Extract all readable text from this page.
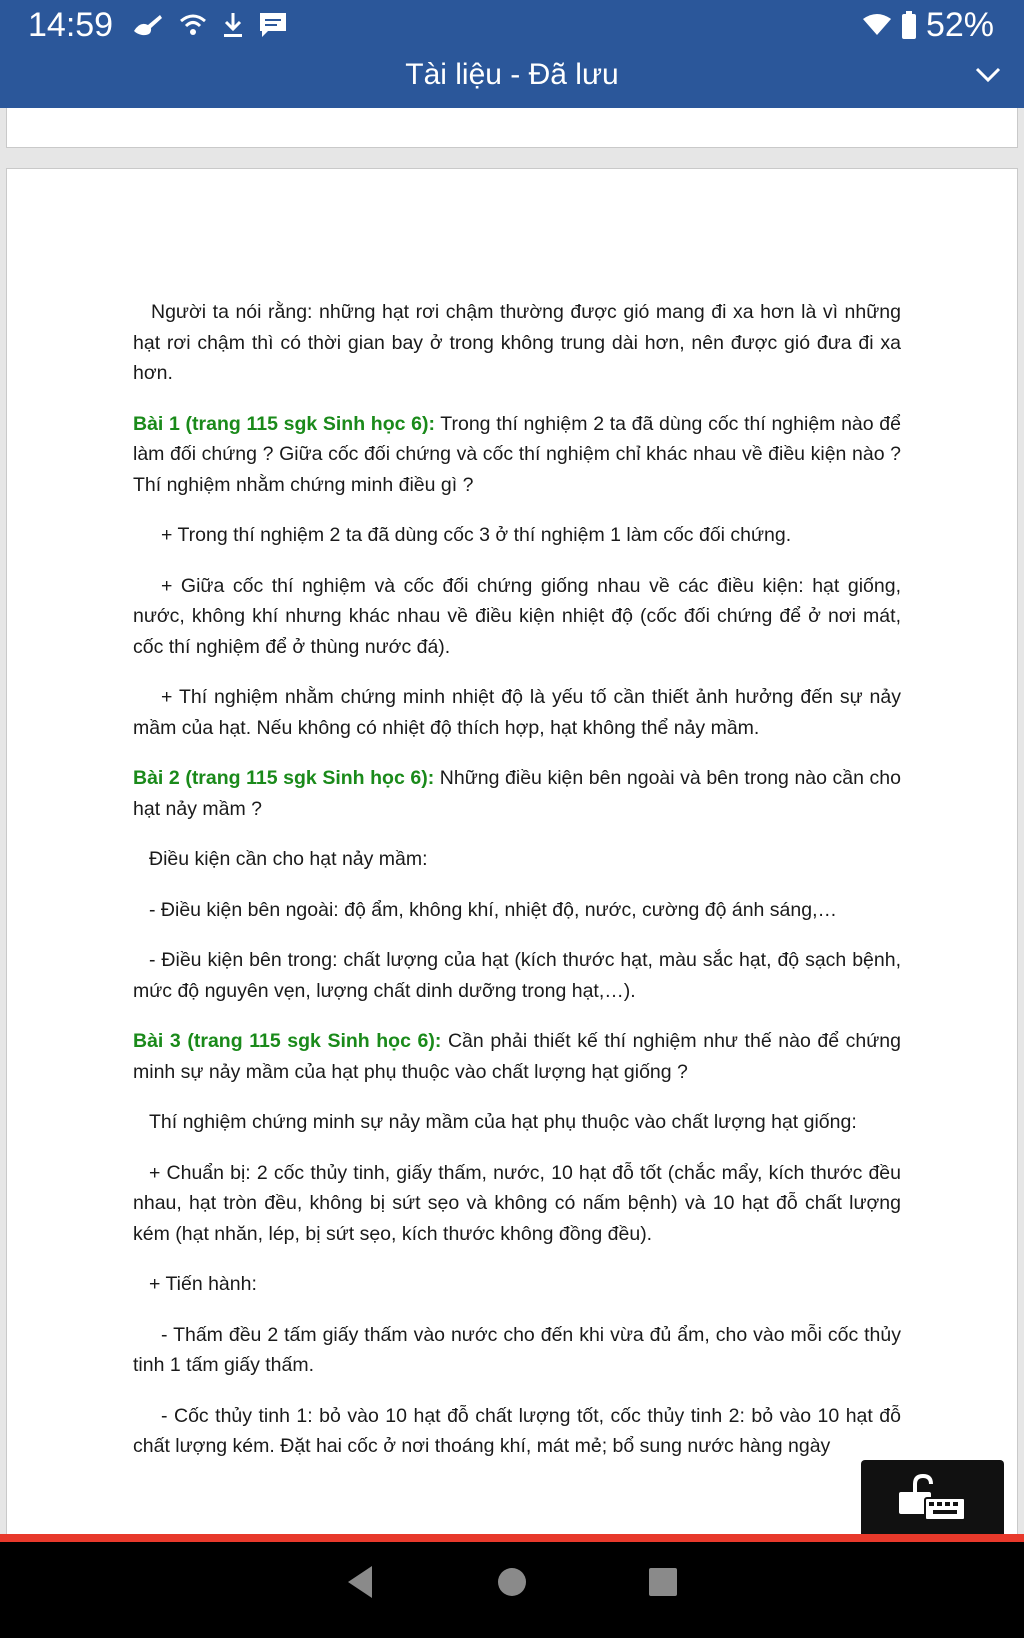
14:59	52%
Tài liệu - Đã lưu

Người ta nói rằng: những hạt rơi chậm thường được gió mang đi xa hơn là vì những hạt rơi chậm thì có thời gian bay ở trong không trung dài hơn, nên được gió đưa đi xa hơn.

Bài 1 (trang 115 sgk Sinh học 6): Trong thí nghiệm 2 ta đã dùng cốc thí nghiệm nào để làm đối chứng ? Giữa cốc đối chứng và cốc thí nghiệm chỉ khác nhau về điều kiện nào ? Thí nghiệm nhằm chứng minh điều gì ?

+ Trong thí nghiệm 2 ta đã dùng cốc 3 ở thí nghiệm 1 làm cốc đối chứng.

+ Giữa cốc thí nghiệm và cốc đối chứng giống nhau về các điều kiện: hạt giống, nước, không khí nhưng khác nhau về điều kiện nhiệt độ (cốc đối chứng để ở nơi mát, cốc thí nghiệm để ở thùng nước đá).

+ Thí nghiệm nhằm chứng minh nhiệt độ là yếu tố cần thiết ảnh hưởng đến sự nảy mầm của hạt. Nếu không có nhiệt độ thích hợp, hạt không thể nảy mầm.

Bài 2 (trang 115 sgk Sinh học 6): Những điều kiện bên ngoài và bên trong nào cần cho hạt nảy mầm ?

Điều kiện cần cho hạt nảy mầm:

- Điều kiện bên ngoài: độ ẩm, không khí, nhiệt độ, nước, cường độ ánh sáng,…

- Điều kiện bên trong: chất lượng của hạt (kích thước hạt, màu sắc hạt, độ sạch bệnh, mức độ nguyên vẹn, lượng chất dinh dưỡng trong hạt,…).

Bài 3 (trang 115 sgk Sinh học 6): Cần phải thiết kế thí nghiệm như thế nào để chứng minh sự nảy mầm của hạt phụ thuộc vào chất lượng hạt giống ?

Thí nghiệm chứng minh sự nảy mầm của hạt phụ thuộc vào chất lượng hạt giống:

+ Chuẩn bị: 2 cốc thủy tinh, giấy thấm, nước, 10 hạt đỗ tốt (chắc mẩy, kích thước đều nhau, hạt tròn đều, không bị sứt sẹo và không có nấm bệnh) và 10 hạt đỗ chất lượng kém (hạt nhăn, lép, bị sứt sẹo, kích thước không đồng đều).

+ Tiến hành:

- Thấm đều 2 tấm giấy thấm vào nước cho đến khi vừa đủ ẩm, cho vào mỗi cốc thủy tinh 1 tấm giấy thấm.

- Cốc thủy tinh 1: bỏ vào 10 hạt đỗ chất lượng tốt, cốc thủy tinh 2: bỏ vào 10 hạt đỗ chất lượng kém. Đặt hai cốc ở nơi thoáng khí, mát mẻ; bổ sung nước hàng ngày
